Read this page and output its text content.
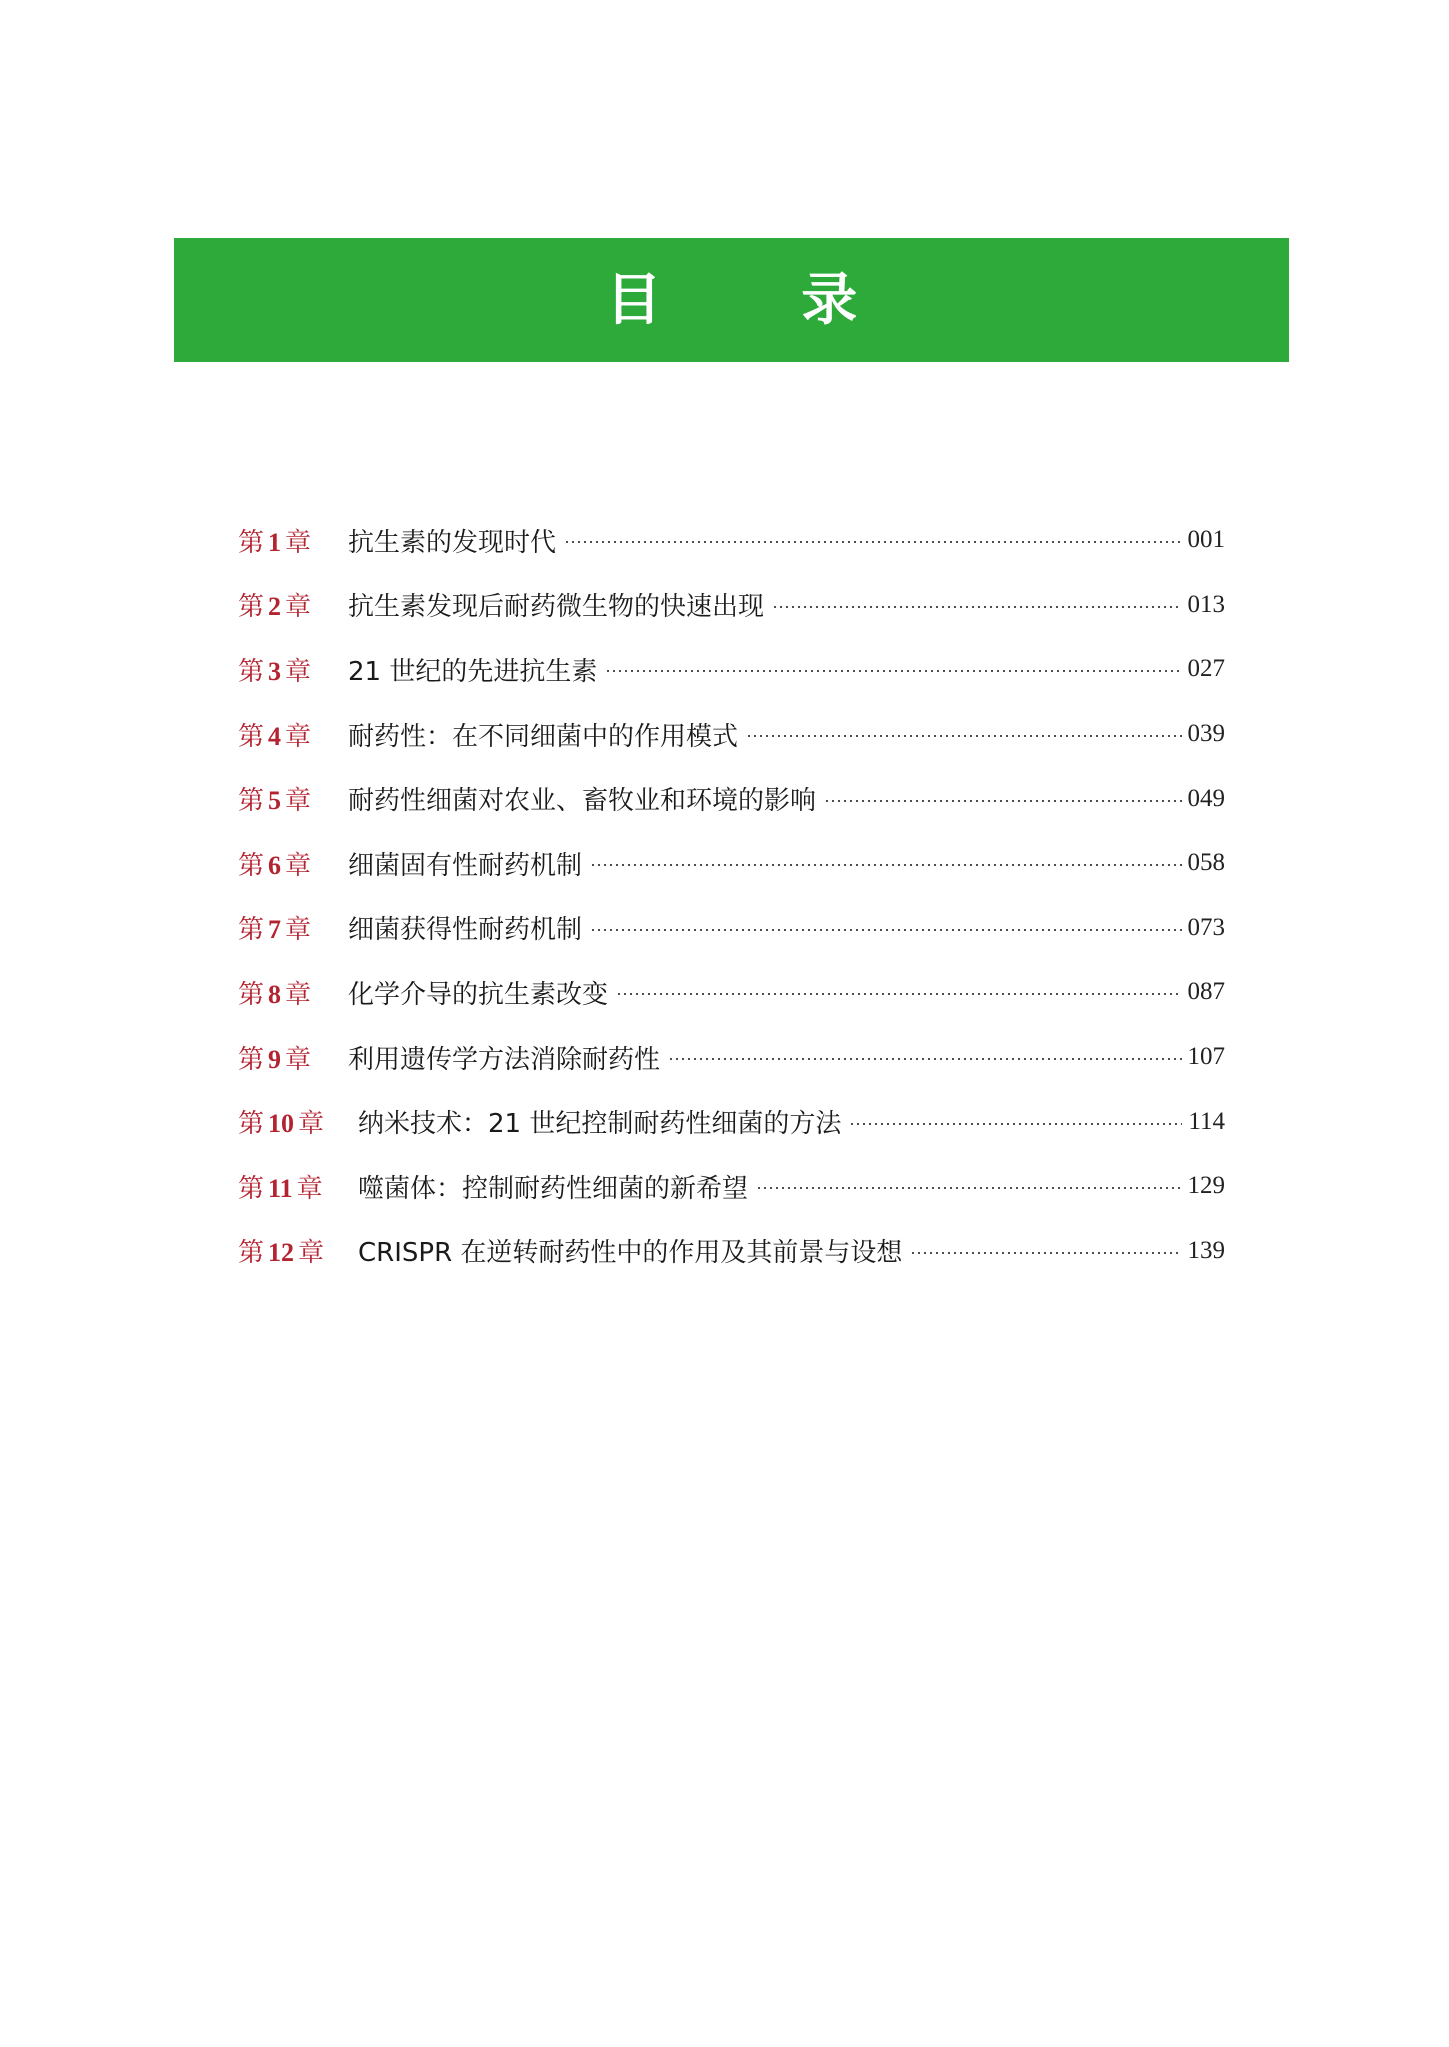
目 录
第 1 章	抗生素的发现时代	001
第 2 章	抗生素发现后耐药微生物的快速出现	013
第 3 章	21 世纪的先进抗生素	027
第 4 章	耐药性：在不同细菌中的作用模式	039
第 5 章	耐药性细菌对农业、畜牧业和环境的影响	049
第 6 章	细菌固有性耐药机制	058
第 7 章	细菌获得性耐药机制	073
第 8 章	化学介导的抗生素改变	087
第 9 章	利用遗传学方法消除耐药性	107
第 10 章	纳米技术：21 世纪控制耐药性细菌的方法	114
第 11 章	噬菌体：控制耐药性细菌的新希望	129
第 12 章	CRISPR 在逆转耐药性中的作用及其前景与设想	139
